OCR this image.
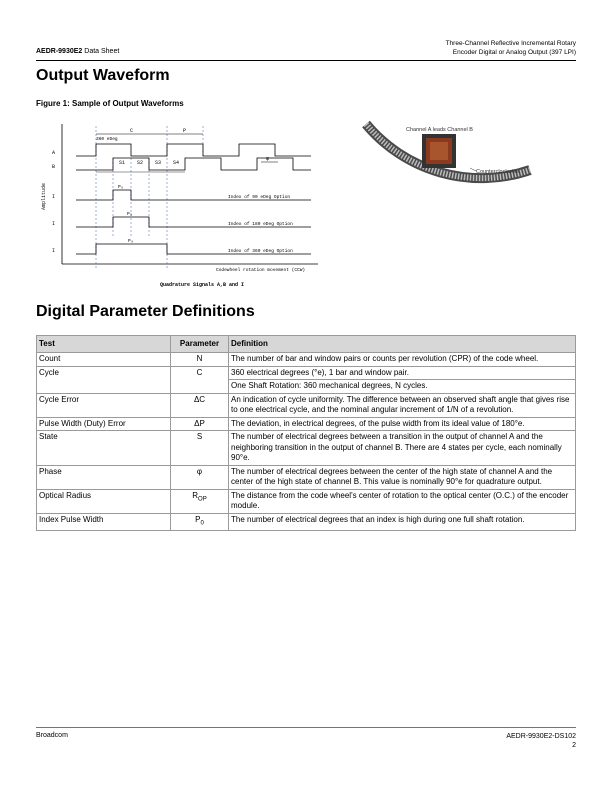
AEDR-9930E2 Data Sheet
Three-Channel Reflective Incremental Rotary
Encoder Digital or Analog Output (397 LPI)
Output Waveform
Figure 1: Sample of Output Waveforms
Amplitude
A
B
I
I
I
C
360 eDeg
P
φ
S1 S2 S3 S4
P₀
Index of 90 eDeg Option
P₀
Index of 180 eDeg Option
P₀
Index of 360 eDeg Option
Codewheel rotation movement (CCW)
Quadrature Signals A,B and I
Channel A leads Channel B
Counterclockwise
Digital Parameter Definitions
Test	Parameter	Definition
Count	N	The number of bar and window pairs or counts per revolution (CPR) of the code wheel.
Cycle	C	360 electrical degrees (°e), 1 bar and window pair.
One Shaft Rotation: 360 mechanical degrees, N cycles.

Cycle Error	ΔC	An indication of cycle uniformity. The difference between an observed shaft angle that gives rise to one electrical cycle, and the nominal angular increment of 1/N of a revolution.
Pulse Width (Duty) Error	ΔP	The deviation, in electrical degrees, of the pulse width from its ideal value of 180°e.
State	S	The number of electrical degrees between a transition in the output of channel A and the neighboring transition in the output of channel B. There are 4 states per cycle, each nominally 90°e.
Phase	φ	The number of electrical degrees between the center of the high state of channel A and the center of the high state of channel B. This value is nominally 90°e for quadrature output.
Optical Radius	$R_{OP}$	The distance from the code wheel's center of rotation to the optical center (O.C.) of the encoder module.
Index Pulse Width	$P_0$	The number of electrical degrees that an index is high during one full shaft rotation.
Broadcom	AEDR-9930E2-DS102
2
